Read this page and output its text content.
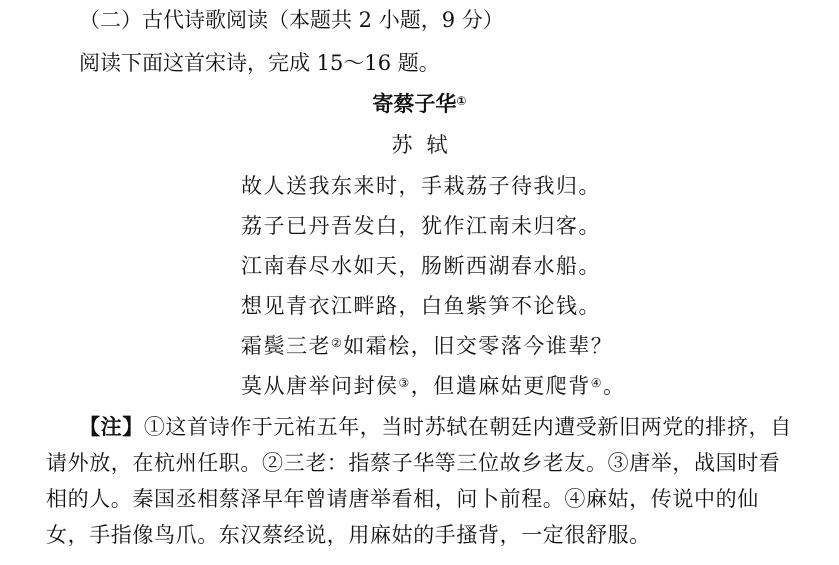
（二）古代诗歌阅读（本题共 2 小题，9 分）
阅读下面这首宋诗，完成 15～16 题。
寄蔡子华①
苏轼
故人送我东来时，手栽荔子待我归。
荔子已丹吾发白，犹作江南未归客。
江南春尽水如天，肠断西湖春水船。
想见青衣江畔路，白鱼紫笋不论钱。
霜鬓三老②如霜桧，旧交零落今谁辈？
莫从唐举问封侯③，但遣麻姑更爬背④。
【注】①这首诗作于元祐五年，当时苏轼在朝廷内遭受新旧两党的排挤，自
请外放，在杭州任职。②三老：指蔡子华等三位故乡老友。③唐举，战国时看
相的人。秦国丞相蔡泽早年曾请唐举看相，问卜前程。④麻姑，传说中的仙
女，手指像鸟爪。东汉蔡经说，用麻姑的手搔背，一定很舒服。
